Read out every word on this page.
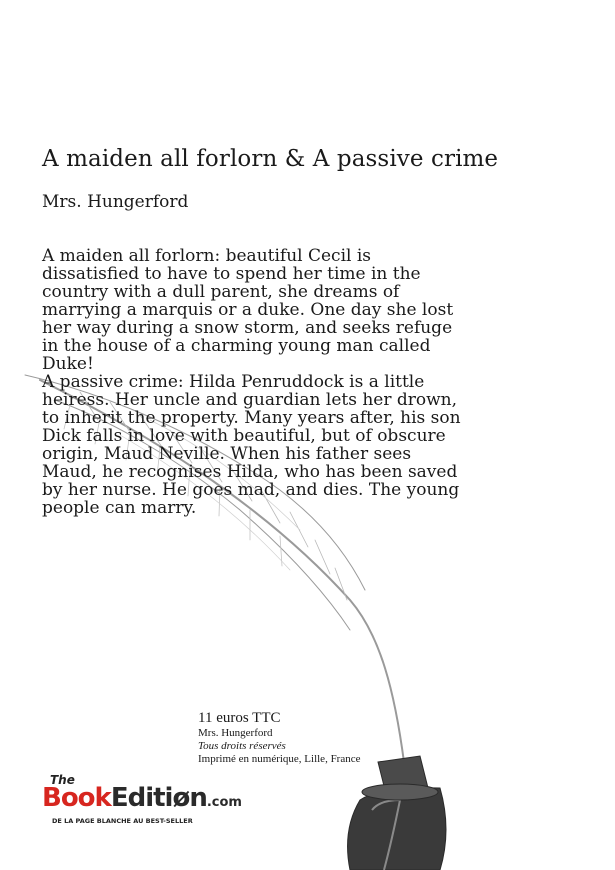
A maiden all forlorn & A passive crime

Mrs. Hungerford

A maiden all forlorn: beautiful Cecil is dissatisfied to have to spend her time in the country with a dull parent, she dreams of marrying a marquis or a duke. One day she lost her way during a snow storm, and seeks refuge in the house of a charming young man called Duke!

A passive crime: Hilda Penruddock is a little heiress. Her uncle and guardian lets her drown, to inherit the property. Many years after, his son Dick falls in love with beautiful, but of obscure origin, Maud Neville. When his father sees Maud, he recognises Hilda, who has been saved by her nurse. He goes mad, and dies. The young people can marry.

11 euros TTC
Mrs. Hungerford
Tous droits réservés
Imprimé en numérique, Lille, France
The
BookEditiøn.com
DE LA PAGE BLANCHE AU BEST-SELLER
